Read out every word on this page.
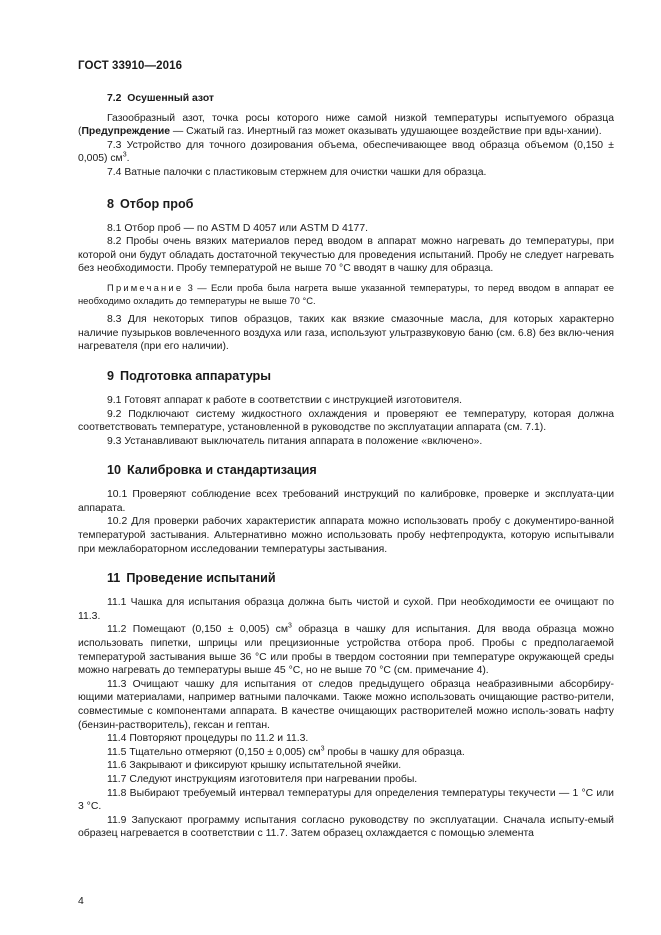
ГОСТ 33910—2016

7.2 Осушенный азот

Газообразный азот, точка росы которого ниже самой низкой температуры испытуемого образца (Предупреждение — Сжатый газ. Инертный газ может оказывать удушающее воздействие при вды-хании).

7.3 Устройство для точного дозирования объема, обеспечивающее ввод образца объемом (0,150 ± 0,005) $см^3$.

7.4 Ватные палочки с пластиковым стержнем для очистки чашки для образца.

8 Отбор проб

8.1 Отбор проб — по ASTM D 4057 или ASTM D 4177.

8.2 Пробы очень вязких материалов перед вводом в аппарат можно нагревать до температуры, при которой они будут обладать достаточной текучестью для проведения испытаний. Пробу не следует нагревать без необходимости. Пробу температурой не выше 70 °С вводят в чашку для образца.

Примечание 3 — Если проба была нагрета выше указанной температуры, то перед вводом в аппарат ее необходимо охладить до температуры не выше 70 °С.

8.3 Для некоторых типов образцов, таких как вязкие смазочные масла, для которых характерно наличие пузырьков вовлеченного воздуха или газа, используют ультразвуковую баню (см. 6.8) без вклю-чения нагревателя (при его наличии).

9 Подготовка аппаратуры

9.1 Готовят аппарат к работе в соответствии с инструкцией изготовителя.

9.2 Подключают систему жидкостного охлаждения и проверяют ее температуру, которая должна соответствовать температуре, установленной в руководстве по эксплуатации аппарата (см. 7.1).

9.3 Устанавливают выключатель питания аппарата в положение «включено».

10 Калибровка и стандартизация

10.1 Проверяют соблюдение всех требований инструкций по калибровке, проверке и эксплуата-ции аппарата.

10.2 Для проверки рабочих характеристик аппарата можно использовать пробу с документиро-ванной температурой застывания. Альтернативно можно использовать пробу нефтепродукта, которую испытывали при межлабораторном исследовании температуры застывания.

11 Проведение испытаний

11.1 Чашка для испытания образца должна быть чистой и сухой. При необходимости ее очищают по 11.3.

11.2 Помещают (0,150 ± 0,005) $см^3$ образца в чашку для испытания. Для ввода образца можно использовать пипетки, шприцы или прецизионные устройства отбора проб. Пробы с предполагаемой температурой застывания выше 36 °С или пробы в твердом состоянии при температуре окружающей среды можно нагревать до температуры выше 45 °С, но не выше 70 °С (см. примечание 4).

11.3 Очищают чашку для испытания от следов предыдущего образца неабразивными абсорбиру-ющими материалами, например ватными палочками. Также можно использовать очищающие раство-рители, совместимые с компонентами аппарата. В качестве очищающих растворителей можно исполь-зовать нафту (бензин-растворитель), гексан и гептан.

11.4 Повторяют процедуры по 11.2 и 11.3.

11.5 Тщательно отмеряют (0,150 ± 0,005) $см^3$ пробы в чашку для образца.

11.6 Закрывают и фиксируют крышку испытательной ячейки.

11.7 Следуют инструкциям изготовителя при нагревании пробы.

11.8 Выбирают требуемый интервал температуры для определения температуры текучести — 1 °С или 3 °С.

11.9 Запускают программу испытания согласно руководству по эксплуатации. Сначала испыту-емый образец нагревается в соответствии с 11.7. Затем образец охлаждается с помощью элемента

4
